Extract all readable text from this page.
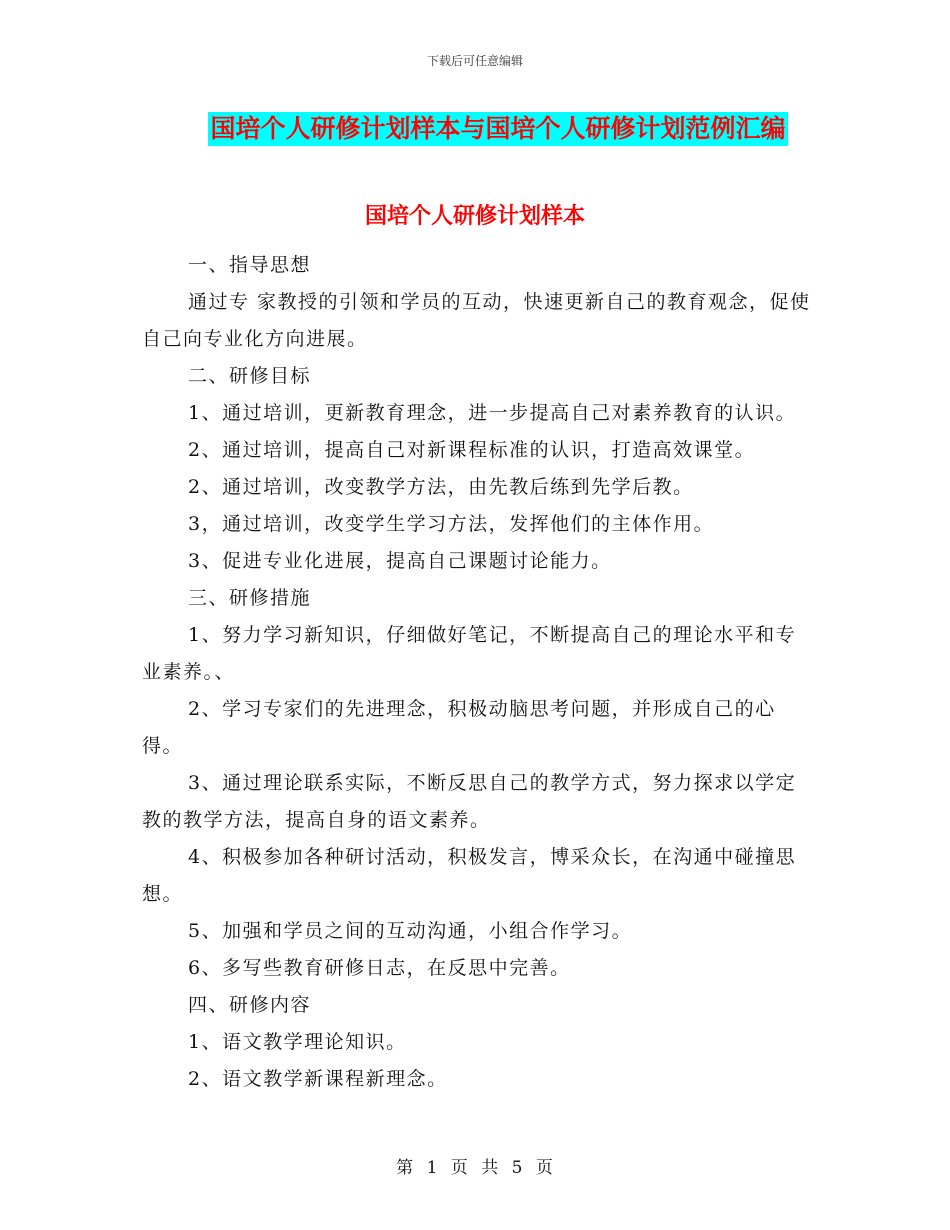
下载后可任意编辑
国培个人研修计划样本与国培个人研修计划范例汇编
国培个人研修计划样本

一、指导思想

通过专 家教授的引领和学员的互动，快速更新自己的教育观念，促使自己向专业化方向进展。

二、研修目标

1、通过培训，更新教育理念，进一步提高自己对素养教育的认识。

2、通过培训，提高自己对新课程标准的认识，打造高效课堂。

2、通过培训，改变教学方法，由先教后练到先学后教。

3，通过培训，改变学生学习方法，发挥他们的主体作用。

3、促进专业化进展，提高自己课题讨论能力。

三、研修措施

1、努力学习新知识，仔细做好笔记，不断提高自己的理论水平和专业素养。、

2、学习专家们的先进理念，积极动脑思考问题，并形成自己的心得。

3、通过理论联系实际，不断反思自己的教学方式，努力探求以学定教的教学方法，提高自身的语文素养。

4、积极参加各种研讨活动，积极发言，博采众长，在沟通中碰撞思想。

5、加强和学员之间的互动沟通，小组合作学习。

6、多写些教育研修日志，在反思中完善。

四、研修内容

1、语文教学理论知识。

2、语文教学新课程新理念。

第 1 页 共 5 页
